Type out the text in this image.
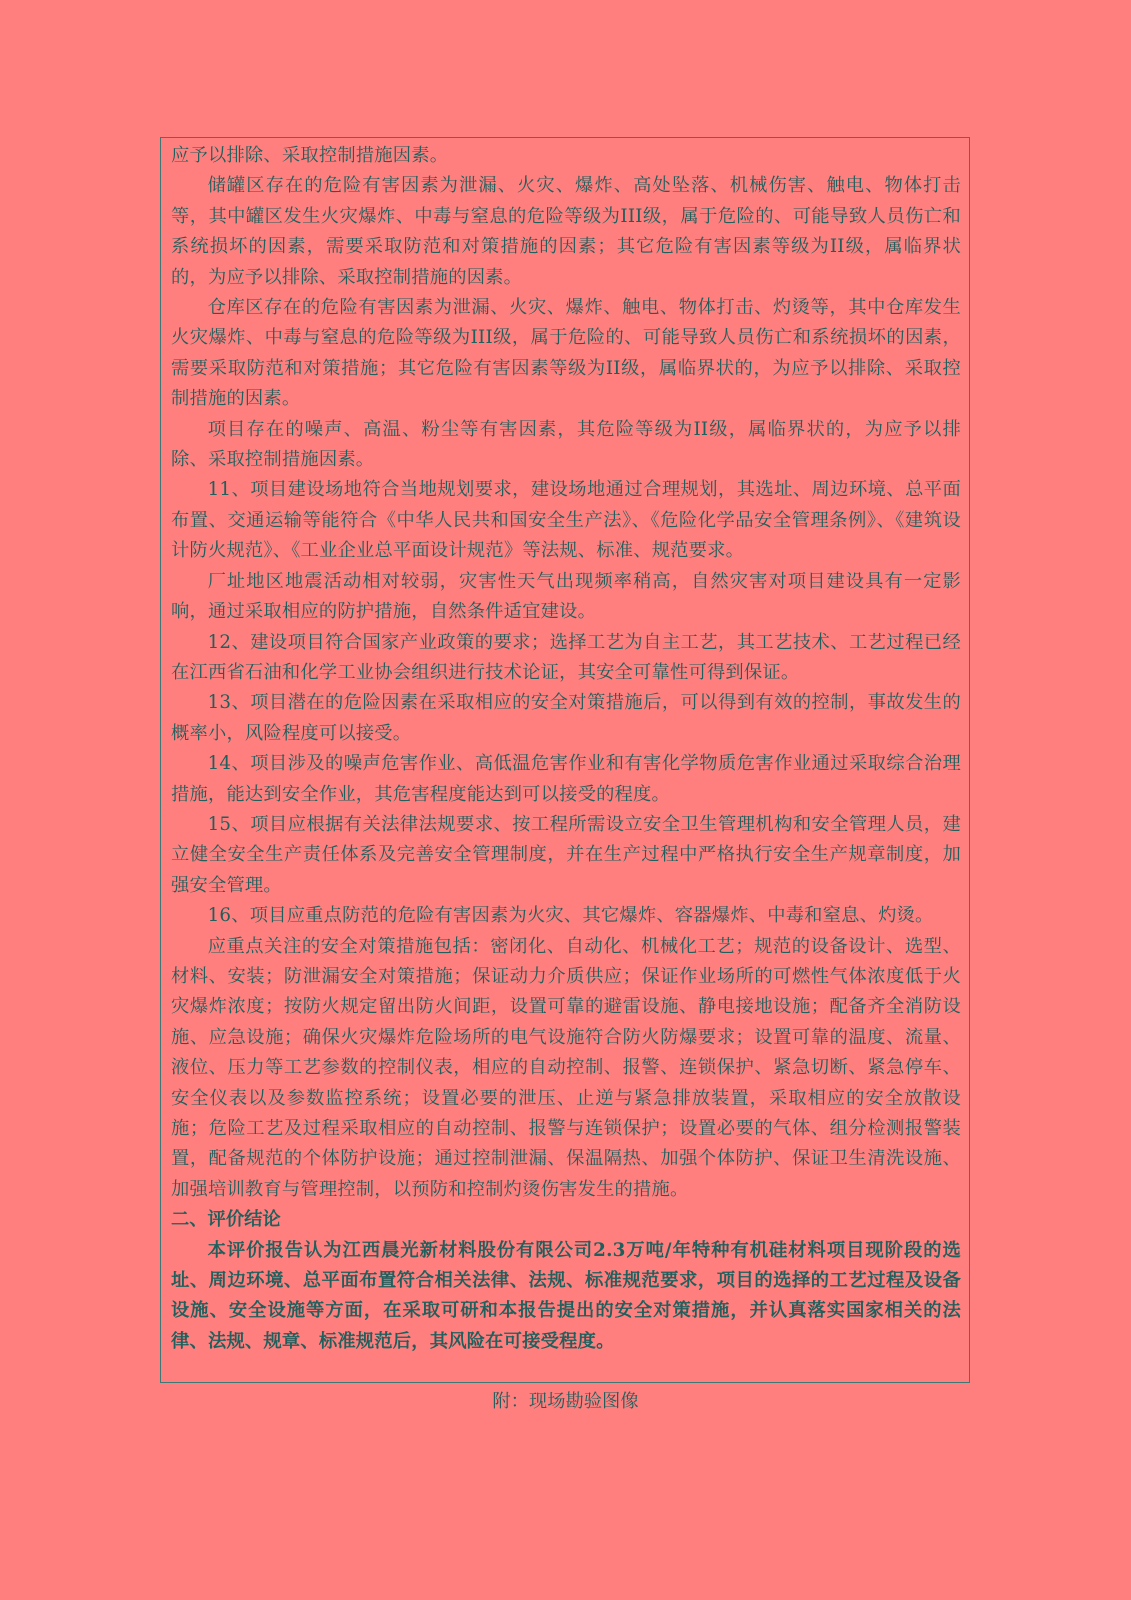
应予以排除、采取控制措施因素。

储罐区存在的危险有害因素为泄漏、火灾、爆炸、高处坠落、机械伤害、触电、物体打击等，其中罐区发生火灾爆炸、中毒与窒息的危险等级为III级，属于危险的、可能导致人员伤亡和系统损坏的因素，需要采取防范和对策措施的因素；其它危险有害因素等级为II级，属临界状的，为应予以排除、采取控制措施的因素。

仓库区存在的危险有害因素为泄漏、火灾、爆炸、触电、物体打击、灼烫等，其中仓库发生火灾爆炸、中毒与窒息的危险等级为III级，属于危险的、可能导致人员伤亡和系统损坏的因素，需要采取防范和对策措施；其它危险有害因素等级为II级，属临界状的，为应予以排除、采取控制措施的因素。

项目存在的噪声、高温、粉尘等有害因素，其危险等级为II级，属临界状的，为应予以排除、采取控制措施因素。

11、项目建设场地符合当地规划要求，建设场地通过合理规划，其选址、周边环境、总平面布置、交通运输等能符合《中华人民共和国安全生产法》、《危险化学品安全管理条例》、《建筑设计防火规范》、《工业企业总平面设计规范》等法规、标准、规范要求。

厂址地区地震活动相对较弱，灾害性天气出现频率稍高，自然灾害对项目建设具有一定影响，通过采取相应的防护措施，自然条件适宜建设。

12、建设项目符合国家产业政策的要求；选择工艺为自主工艺，其工艺技术、工艺过程已经在江西省石油和化学工业协会组织进行技术论证，其安全可靠性可得到保证。

13、项目潜在的危险因素在采取相应的安全对策措施后，可以得到有效的控制，事故发生的概率小，风险程度可以接受。

14、项目涉及的噪声危害作业、高低温危害作业和有害化学物质危害作业通过采取综合治理措施，能达到安全作业，其危害程度能达到可以接受的程度。

15、项目应根据有关法律法规要求、按工程所需设立安全卫生管理机构和安全管理人员，建立健全安全生产责任体系及完善安全管理制度，并在生产过程中严格执行安全生产规章制度，加强安全管理。

16、项目应重点防范的危险有害因素为火灾、其它爆炸、容器爆炸、中毒和窒息、灼烫。

应重点关注的安全对策措施包括：密闭化、自动化、机械化工艺；规范的设备设计、选型、材料、安装；防泄漏安全对策措施；保证动力介质供应；保证作业场所的可燃性气体浓度低于火灾爆炸浓度；按防火规定留出防火间距，设置可靠的避雷设施、静电接地设施；配备齐全消防设施、应急设施；确保火灾爆炸危险场所的电气设施符合防火防爆要求；设置可靠的温度、流量、液位、压力等工艺参数的控制仪表，相应的自动控制、报警、连锁保护、紧急切断、紧急停车、安全仪表以及参数监控系统；设置必要的泄压、止逆与紧急排放装置，采取相应的安全放散设施；危险工艺及过程采取相应的自动控制、报警与连锁保护；设置必要的气体、组分检测报警装置，配备规范的个体防护设施；通过控制泄漏、保温隔热、加强个体防护、保证卫生清洗设施、加强培训教育与管理控制，以预防和控制灼烫伤害发生的措施。

二、评价结论

本评价报告认为江西晨光新材料股份有限公司2.3万吨/年特种有机硅材料项目现阶段的选址、周边环境、总平面布置符合相关法律、法规、标准规范要求，项目的选择的工艺过程及设备设施、安全设施等方面，在采取可研和本报告提出的安全对策措施，并认真落实国家相关的法律、法规、规章、标准规范后，其风险在可接受程度。

附：现场勘验图像
